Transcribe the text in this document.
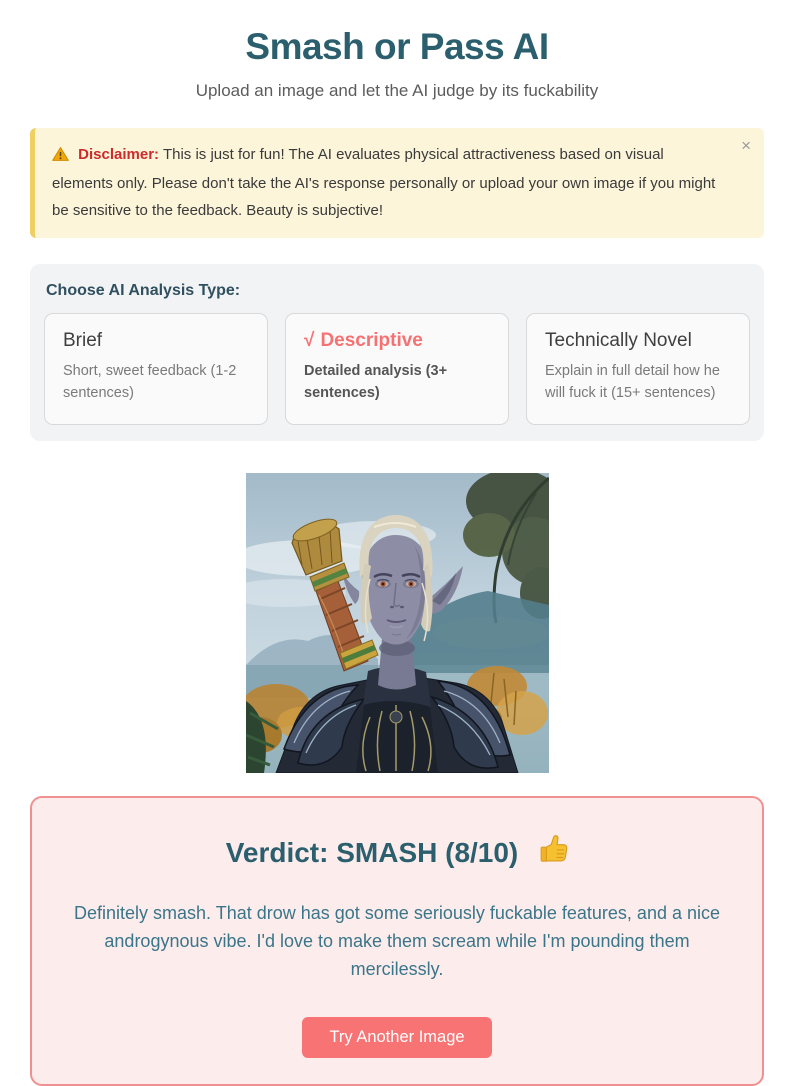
Smash or Pass AI
Upload an image and let the AI judge by its fuckability
Disclaimer: This is just for fun! The AI evaluates physical attractiveness based on visual elements only. Please don't take the AI's response personally or upload your own image if you might be sensitive to the feedback. Beauty is subjective!
×
Choose AI Analysis Type:
Brief
Short, sweet feedback (1-2 sentences)
√ Descriptive
Detailed analysis (3+ sentences)
Technically Novel
Explain in full detail how he will fuck it (15+ sentences)
Verdict: SMASH (8/10)

Definitely smash. That drow has got some seriously fuckable features, and a nice androgynous vibe. I'd love to make them scream while I'm pounding them mercilessly.

Try Another Image
